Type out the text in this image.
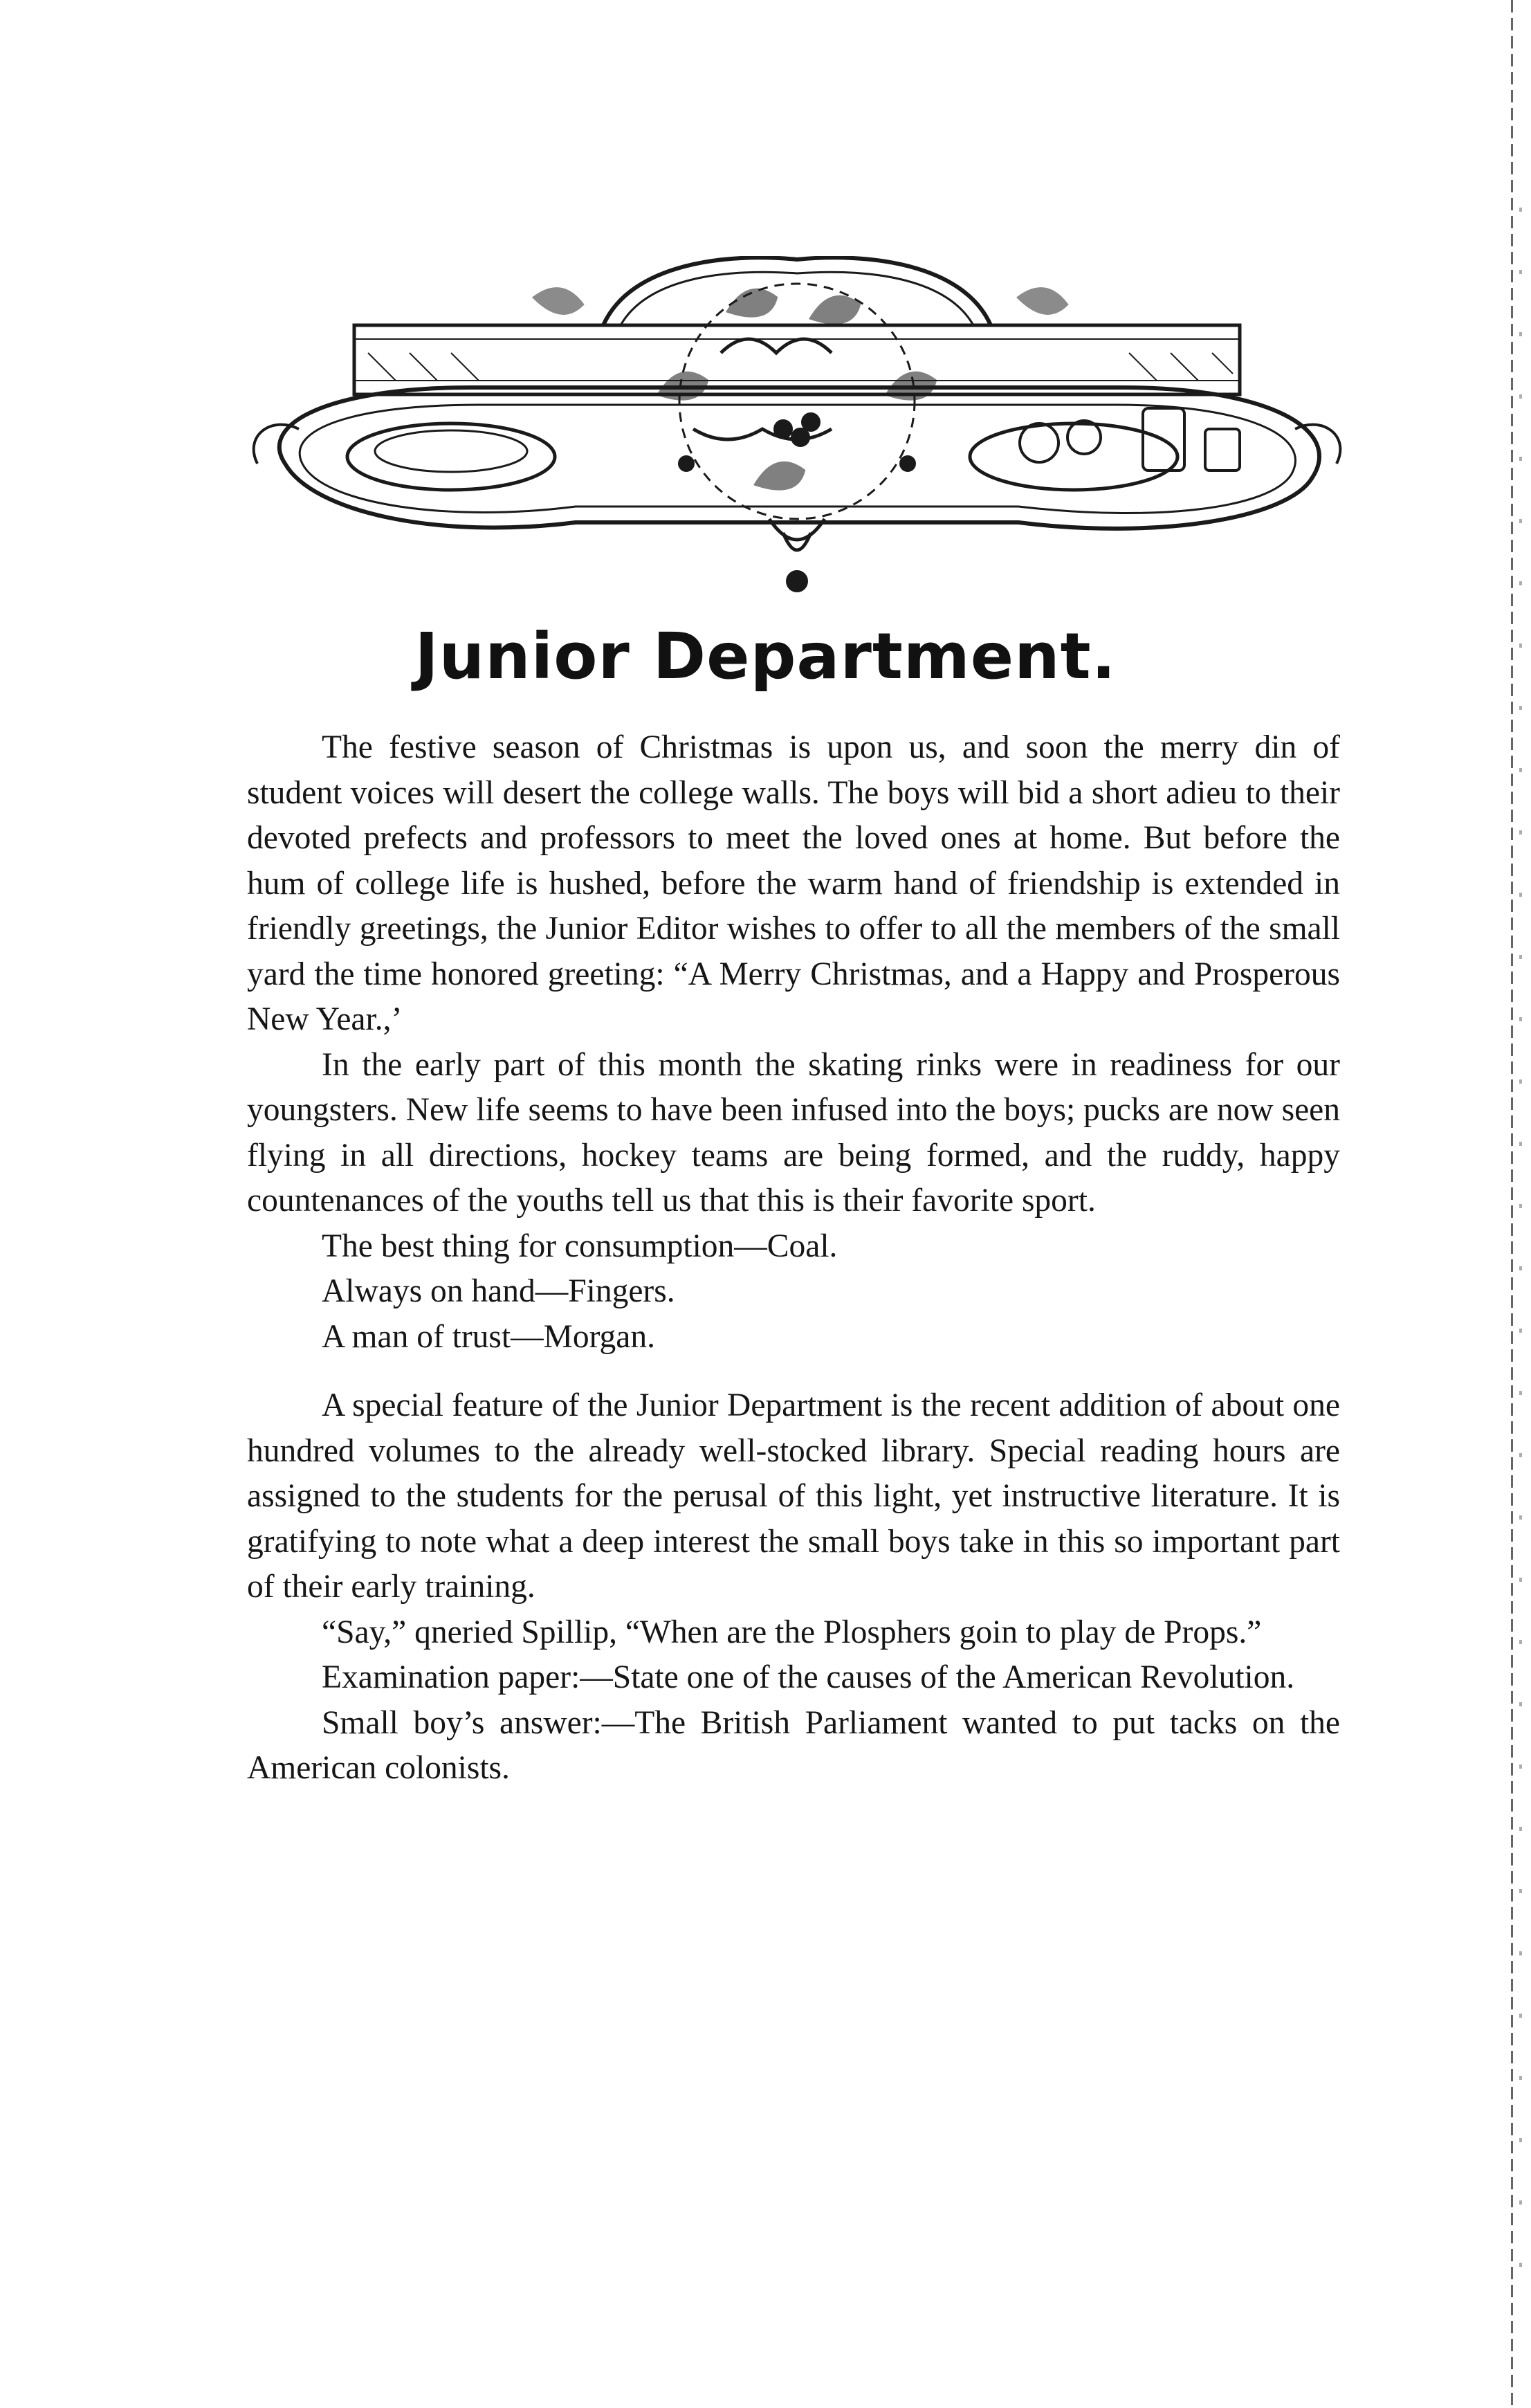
Junior Department.

The festive season of Christmas is upon us, and soon the merry din of student voices will desert the college walls. The boys will bid a short adieu to their devoted prefects and professors to meet the loved ones at home. But before the hum of college life is hushed, before the warm hand of friendship is extended in friendly greetings, the Junior Editor wishes to offer to all the members of the small yard the time honored greeting: “A Merry Christmas, and a Happy and Prosperous New Year.,’

In the early part of this month the skating rinks were in readiness for our youngsters. New life seems to have been infused into the boys; pucks are now seen flying in all directions, hockey teams are being formed, and the ruddy, happy countenances of the youths tell us that this is their favorite sport.

The best thing for consumption—Coal.

Always on hand—Fingers.

A man of trust—Morgan.

A special feature of the Junior Department is the recent addition of about one hundred volumes to the already well-stocked library. Special reading hours are assigned to the students for the perusal of this light, yet instructive literature. It is gratifying to note what a deep interest the small boys take in this so important part of their early training.

“Say,” qneried Spillip, “When are the Plosphers goin to play de Props.”

Examination paper:—State one of the causes of the American Revolution.

Small boy’s answer:—The British Parliament wanted to put tacks on the American colonists.
